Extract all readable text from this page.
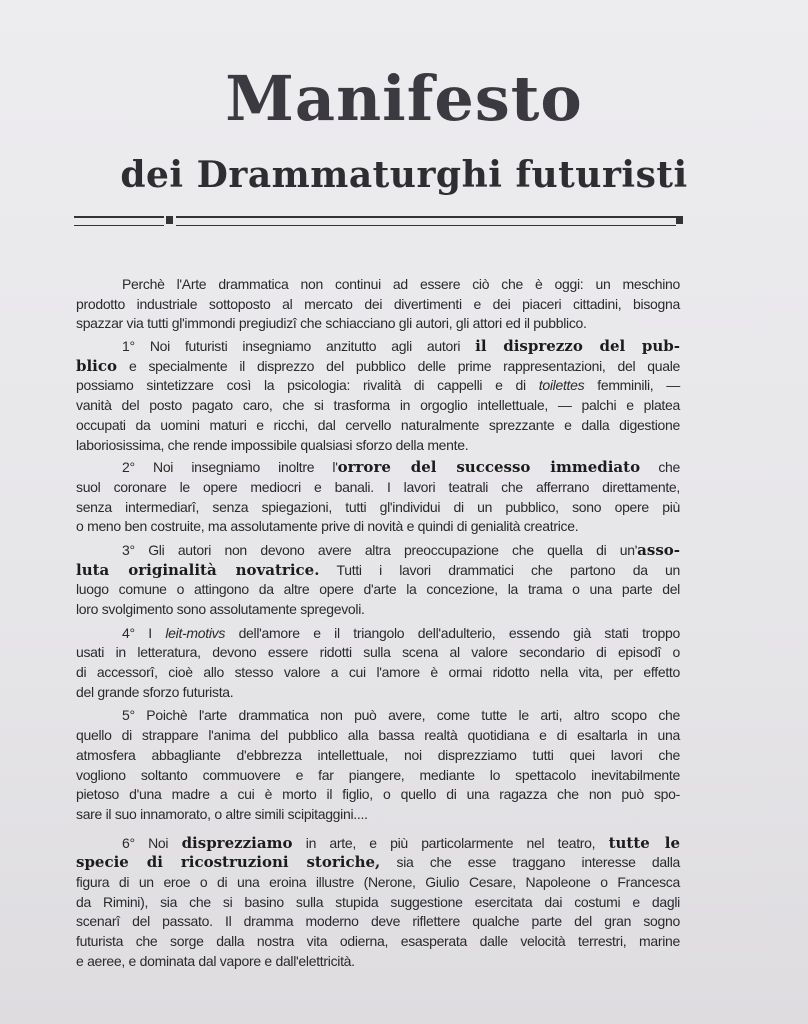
Manifesto
dei Drammaturghi futuristi
Perchè l'Arte drammatica non continui ad essere ciò che è oggi: un meschino
prodotto industriale sottoposto al mercato dei divertimenti e dei piaceri cittadini, bisogna
spazzar via tutti gl'immondi pregiudizî che schiacciano gli autori, gli attori ed il pubblico.
1° Noi futuristi insegniamo anzitutto agli autori il disprezzo del pub-
blico e specialmente il disprezzo del pubblico delle prime rappresentazioni, del quale
possiamo sintetizzare così la psicologia: rivalità di cappelli e di toilettes femminili, —
vanità del posto pagato caro, che si trasforma in orgoglio intellettuale, — palchi e platea
occupati da uomini maturi e ricchi, dal cervello naturalmente sprezzante e dalla digestione
laboriosissima, che rende impossibile qualsiasi sforzo della mente.
2° Noi insegniamo inoltre l'orrore del successo immediato che
suol coronare le opere mediocri e banali. I lavori teatrali che afferrano direttamente,
senza intermediarî, senza spiegazioni, tutti gl'individui di un pubblico, sono opere più
o meno ben costruite, ma assolutamente prive di novità e quindi di genialità creatrice.
3° Gli autori non devono avere altra preoccupazione che quella di un'asso-
luta originalità novatrice. Tutti i lavori drammatici che partono da un
luogo comune o attingono da altre opere d'arte la concezione, la trama o una parte del
loro svolgimento sono assolutamente spregevoli.
4° I leit-motivs dell'amore e il triangolo dell'adulterio, essendo già stati troppo
usati in letteratura, devono essere ridotti sulla scena al valore secondario di episodî o
di accessorî, cioè allo stesso valore a cui l'amore è ormai ridotto nella vita, per effetto
del grande sforzo futurista.
5° Poichè l'arte drammatica non può avere, come tutte le arti, altro scopo che
quello di strappare l'anima del pubblico alla bassa realtà quotidiana e di esaltarla in una
atmosfera abbagliante d'ebbrezza intellettuale, noi disprezziamo tutti quei lavori che
vogliono soltanto commuovere e far piangere, mediante lo spettacolo inevitabilmente
pietoso d'una madre a cui è morto il figlio, o quello di una ragazza che non può spo-
sare il suo innamorato, o altre simili scipitaggini....
6° Noi disprezziamo in arte, e più particolarmente nel teatro, tutte le
specie di ricostruzioni storiche, sia che esse traggano interesse dalla
figura di un eroe o di una eroina illustre (Nerone, Giulio Cesare, Napoleone o Francesca
da Rimini), sia che si basino sulla stupida suggestione esercitata dai costumi e dagli
scenarî del passato. Il dramma moderno deve riflettere qualche parte del gran sogno
futurista che sorge dalla nostra vita odierna, esasperata dalle velocità terrestri, marine
e aeree, e dominata dal vapore e dall'elettricità.
